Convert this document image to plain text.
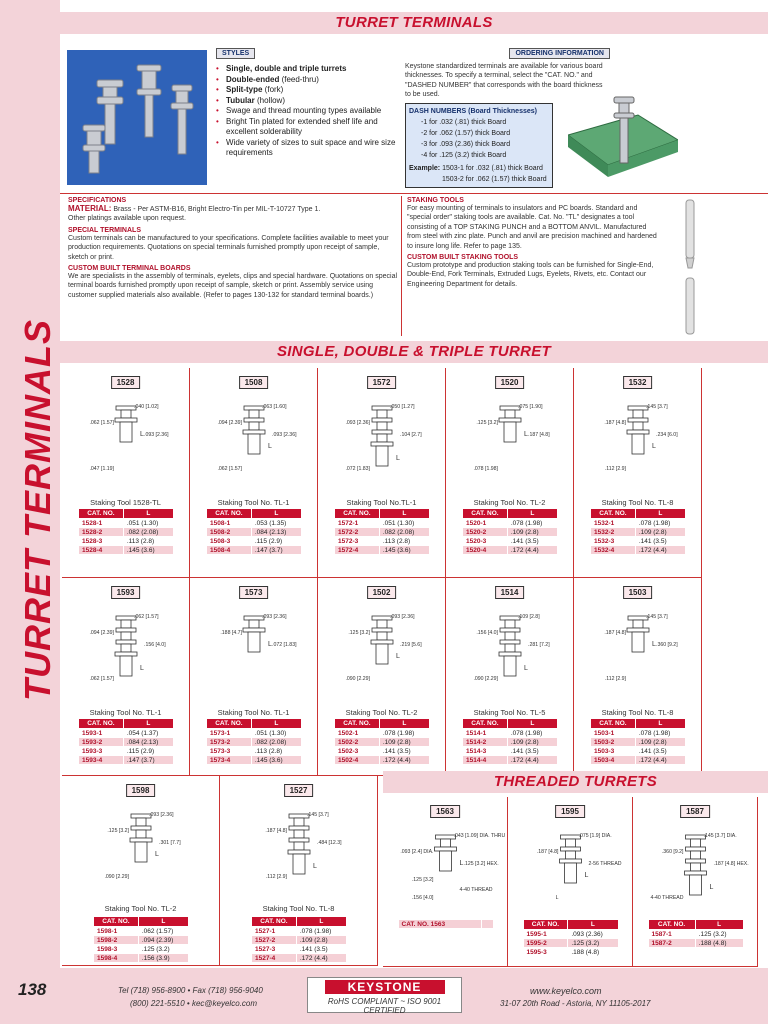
TURRET TERMINALS
TURRET TERMINALS
STYLES
• Single, double and triple turrets
• Double-ended (feed-thru)
• Split-type (fork)
• Tubular (hollow)
• Swage and thread mounting types available
• Bright Tin plated for extended shelf life and excellent solderability
• Wide variety of sizes to suit space and wire size requirements
ORDERING INFORMATION
Keystone standardized terminals are available for various board thicknesses. To specify a terminal, select the "CAT. NO." and "DASHED NUMBER" that corresponds with the board thickness to be used.
DASH NUMBERS (Board Thicknesses)
-1 for .032 (.81) thick Board
-2 for .062 (1.57) thick Board
-3 for .093 (2.36) thick Board
-4 for .125 (3.2) thick Board
Example: 1503-1 for .032 (.81) thick Board
1503-2 for .062 (1.57) thick Board
SPECIFICATIONS
MATERIAL: Brass - Per ASTM-B16, Bright Electro-Tin per MIL-T-10727 Type 1.
Other platings available upon request.
SPECIAL TERMINALS
Custom terminals can be manufactured to your specifications. Complete facilities available to meet your production requirements. Quotations on special terminals furnished promptly upon receipt of sample, sketch or print.
CUSTOM BUILT TERMINAL BOARDS
We are specialists in the assembly of terminals, eyelets, clips and special hardware. Quotations on special terminal boards furnished promptly upon receipt of sample, sketch or print. Assembly service using customer supplied materials also available. (Refer to pages 130-132 for standard terminal boards.)
STAKING TOOLS
For easy mounting of terminals to insulators and PC boards. Standard and "special order" staking tools are available. Cat. No. "TL" designates a tool consisting of a TOP STAKING PUNCH and a BOTTOM ANVIL. Manufactured from steel with zinc plate. Punch and anvil are precision machined and hardened to insure long life. Refer to page 135.
CUSTOM BUILT STAKING TOOLS
Custom prototype and production staking tools can be furnished for Single-End, Double-End, Fork Terminals, Extruded Lugs, Eyelets, Rivets, etc. Contact our Engineering Department for details.
SINGLE, DOUBLE & TRIPLE TURRET
1528
L
.040 [1.02]
.062 [1.57]
.093 [2.36]
.047 [1.19]
Staking Tool 1528-TL
CAT. NO.	L
1528-1	.051 (1.30)
1528-2	.082 (2.08)
1528-3	.113 (2.8)
1528-4	.145 (3.6)
1508
L
.063 [1.60]
.094 [2.39]
.093 [2.36]
.062 [1.57]
Staking Tool No. TL-1
CAT. NO.	L
1508-1	.053 (1.35)
1508-2	.084 (2.13)
1508-3	.115 (2.9)
1508-4	.147 (3.7)
1572
L
.050 [1.27]
.093 [2.36]
.104 [2.7]
.072 [1.83]
Staking Tool No.TL-1
CAT. NO.	L
1572-1	.051 (1.30)
1572-2	.082 (2.08)
1572-3	.113 (2.8)
1572-4	.145 (3.6)
1520
L
.075 [1.90]
.125 [3.2]
.187 [4.8]
.078 [1.98]
Staking Tool No. TL-2
CAT. NO.	L
1520-1	.078 (1.98)
1520-2	.109 (2.8)
1520-3	.141 (3.5)
1520-4	.172 (4.4)
1532
L
.145 [3.7]
.187 [4.8]
.234 [6.0]
.112 [2.9]
Staking Tool No. TL-8
CAT. NO.	L
1532-1	.078 (1.98)
1532-2	.109 (2.8)
1532-3	.141 (3.5)
1532-4	.172 (4.4)
1593
L
.062 [1.57]
.094 [2.39]
.156 [4.0]
.062 [1.57]
Staking Tool No. TL-1
CAT. NO.	L
1593-1	.054 (1.37)
1593-2	.084 (2.13)
1593-3	.115 (2.9)
1593-4	.147 (3.7)
1573
L
.093 [2.36]
.188 [4.7]
.072 [1.83]
Staking Tool No. TL-1
CAT. NO.	L
1573-1	.051 (1.30)
1573-2	.082 (2.08)
1573-3	.113 (2.8)
1573-4	.145 (3.6)
1502
L
.093 [2.36]
.125 [3.2]
.219 [5.6]
.090 [2.29]
Staking Tool No. TL-2
CAT. NO.	L
1502-1	.078 (1.98)
1502-2	.109 (2.8)
1502-3	.141 (3.5)
1502-4	.172 (4.4)
1514
L
.109 [2.8]
.156 [4.0]
.281 [7.2]
.090 [2.29]
Staking Tool No. TL-5
CAT. NO.	L
1514-1	.078 (1.98)
1514-2	.109 (2.8)
1514-3	.141 (3.5)
1514-4	.172 (4.4)
1503
L
.145 [3.7]
.187 [4.8]
.360 [9.2]
.112 [2.9]
Staking Tool No. TL-8
CAT. NO.	L
1503-1	.078 (1.98)
1503-2	.109 (2.8)
1503-3	.141 (3.5)
1503-4	.172 (4.4)
1598
L
.093 [2.36]
.125 [3.2]
.301 [7.7]
.090 [2.29]
Staking Tool No. TL-2
CAT. NO.	L
1598-1	.062 (1.57)
1598-2	.094 (2.39)
1598-3	.125 (3.2)
1598-4	.156 (3.9)
1527
L
.145 [3.7]
.187 [4.8]
.484 [12.3]
.112 [2.9]
Staking Tool No. TL-8
CAT. NO.	L
1527-1	.078 (1.98)
1527-2	.109 (2.8)
1527-3	.141 (3.5)
1527-4	.172 (4.4)
1563
L
.043 [1.09] DIA. THRU
.093 [2.4] DIA.
.125 [3.2] HEX.
.156 [4.0]
4-40 THREAD
.125 [3.2]
CAT. NO. 1563	
1595
L
.075 [1.9] DIA.
.187 [4.8]
2-56 THREAD
L
CAT. NO.	L
1595-1	.093 (2.36)
1595-2	.125 (3.2)
1595-3	.188 (4.8)
1587
L
.145 [3.7] DIA.
.360 [9.2]
.187 [4.8] HEX.
4-40 THREAD
CAT. NO.	L
1587-1	.125 (3.2)
1587-2	.188 (4.8)
THREADED TURRETS
138	Tel (718) 956-8900 • Fax (718) 956-9040
(800) 221-5510 • kec@keyelco.com
KEYSTONE
RoHS COMPLIANT ~ ISO 9001 CERTIFIED
www.keyelco.com
31-07 20th Road - Astoria, NY 11105-2017
